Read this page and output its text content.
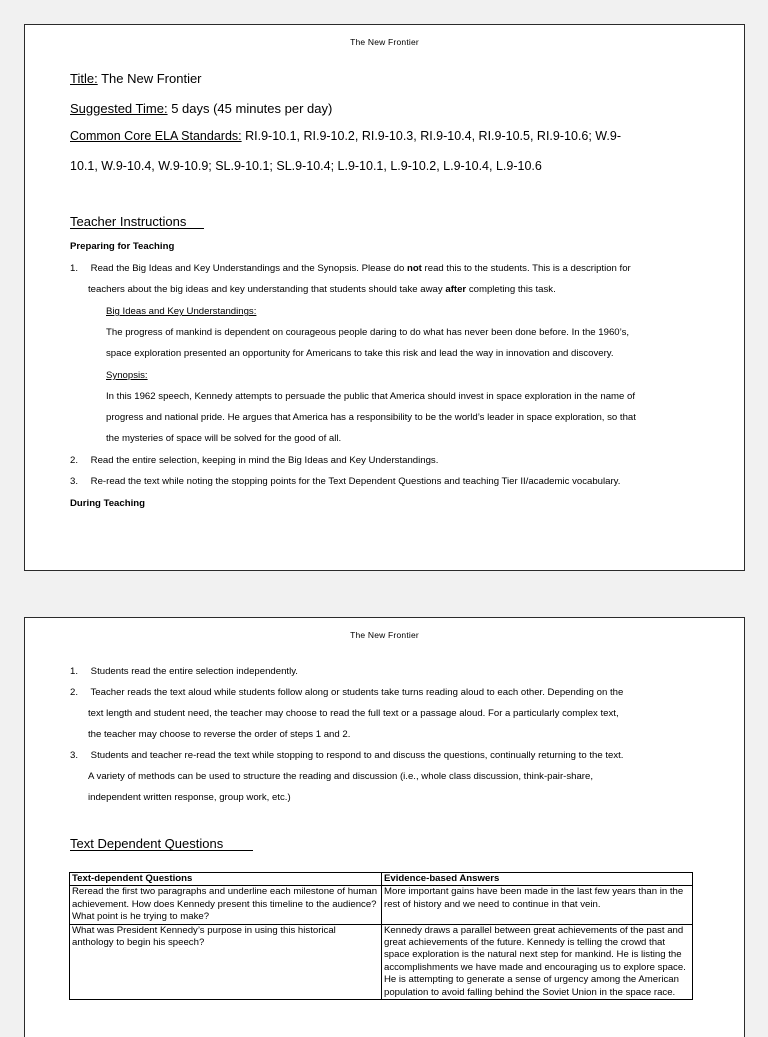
The New Frontier
Title: The New Frontier
Suggested Time: 5 days (45 minutes per day)
Common Core ELA Standards: RI.9-10.1, RI.9-10.2, RI.9-10.3, RI.9-10.4, RI.9-10.5, RI.9-10.6; W.9-
10.1, W.9-10.4, W.9-10.9; SL.9-10.1; SL.9-10.4; L.9-10.1, L.9-10.2, L.9-10.4, L.9-10.6
Teacher Instructions
Preparing for Teaching
1. Read the Big Ideas and Key Understandings and the Synopsis. Please do not read this to the students. This is a description for
teachers about the big ideas and key understanding that students should take away after completing this task.
Big Ideas and Key Understandings:
The progress of mankind is dependent on courageous people daring to do what has never been done before. In the 1960’s,
space exploration presented an opportunity for Americans to take this risk and lead the way in innovation and discovery.
Synopsis:
In this 1962 speech, Kennedy attempts to persuade the public that America should invest in space exploration in the name of
progress and national pride. He argues that America has a responsibility to be the world’s leader in space exploration, so that
the mysteries of space will be solved for the good of all.
2. Read the entire selection, keeping in mind the Big Ideas and Key Understandings.
3. Re-read the text while noting the stopping points for the Text Dependent Questions and teaching Tier II/academic vocabulary.
During Teaching
The New Frontier
1. Students read the entire selection independently.
2. Teacher reads the text aloud while students follow along or students take turns reading aloud to each other. Depending on the
text length and student need, the teacher may choose to read the full text or a passage aloud. For a particularly complex text,
the teacher may choose to reverse the order of steps 1 and 2.
3. Students and teacher re-read the text while stopping to respond to and discuss the questions, continually returning to the text.
A variety of methods can be used to structure the reading and discussion (i.e., whole class discussion, think-pair-share,
independent written response, group work, etc.)
Text Dependent Questions
Text-dependent Questions	Evidence-based Answers
Reread the first two paragraphs and underline each milestone of human achievement. How does Kennedy present this timeline to the audience? What point is he trying to make?	More important gains have been made in the last few years than in the rest of history and we need to continue in that vein.
What was President Kennedy’s purpose in using this historical anthology to begin his speech?	Kennedy draws a parallel between great achievements of the past and great achievements of the future. Kennedy is telling the crowd that space exploration is the natural next step for mankind. He is listing the accomplishments we have made and encouraging us to explore space. He is attempting to generate a sense of urgency among the American population to avoid falling behind the Soviet Union in the space race.
